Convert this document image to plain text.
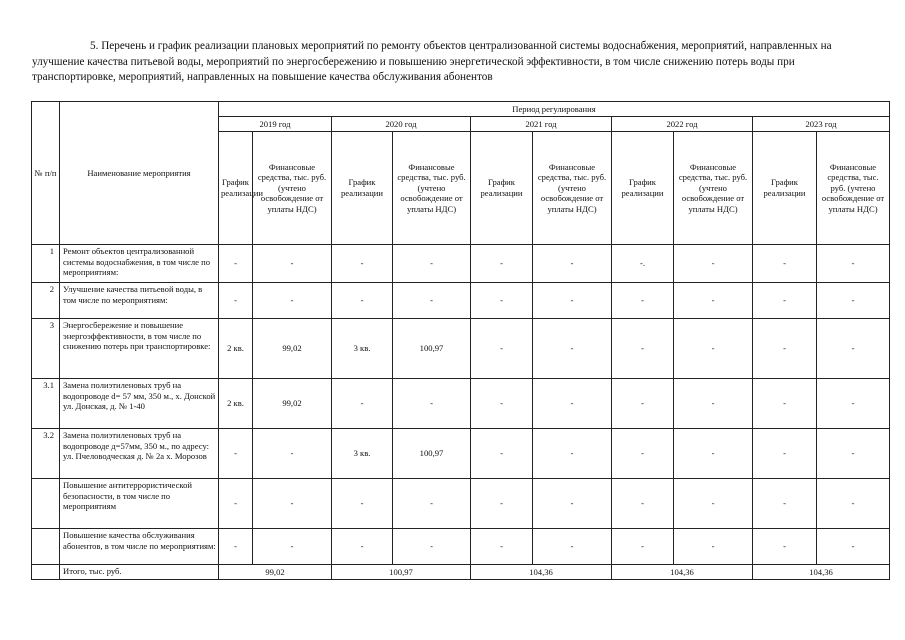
5. Перечень и график реализации плановых мероприятий по ремонту объектов централизованной системы водоснабжения, мероприятий, направленных на улучшение качества питьевой воды, мероприятий по энергосбережению и повышению энергетической эффективности, в том числе снижению потерь воды при транспортировке, мероприятий, направленных на повышение качества обслуживания абонентов
№ п/п	Наименование мероприятия	Период регулирования									
		2019 год		2020 год		2021 год		2022 год		2023 год	
		График реализации	Финансовые средства, тыс. руб. (учтено освобождение от уплаты НДС)	График реализации	Финансовые средства, тыс. руб. (учтено освобождение от уплаты НДС)	График реализации	Финансовые средства, тыс. руб. (учтено освобождение от уплаты НДС)	График реализации	Финансовые средства, тыс. руб. (учтено освобождение от уплаты НДС)	График реализации	Финансовые средства, тыс. руб. (учтено освобождение от уплаты НДС)
1	Ремонт объектов централизованной системы водоснабжения, в том числе по мероприятиям:	-	-	-	-	-	-	-.	-	-	-
2	Улучшение качества питьевой воды, в том числе по мероприятиям:	-	-	-	-	-	-	-	-	-	-
3	Энергосбережение и повышение энергоэффективности, в том числе по снижению потерь при транспортировке:	2 кв.	99,02	3 кв.	100,97	-	-	-	-	-	-
3.1	Замена полиэтиленовых труб на водопроводе d= 57 мм, 350 м., х. Донской ул. Донская, д. № 1-40	2 кв.	99,02	-	-	-	-	-	-	-	-
3.2	Замена полиэтиленовых труб на водопроводе д=57мм, 350 м., по адресу: ул. Пчеловодческая д. № 2а х. Морозов	-	-	3 кв.	100,97	-	-	-	-	-	-
	Повышение антитеррористической безопасности, в том числе по мероприятиям	-	-	-	-	-	-	-	-	-	-
	Повышение качества обслуживания абонентов, в том числе по мероприятиям:	-	-	-	-	-	-	-	-	-	-
	Итого, тыс. руб.	99,02		100,97		104,36		104,36		104,36	
